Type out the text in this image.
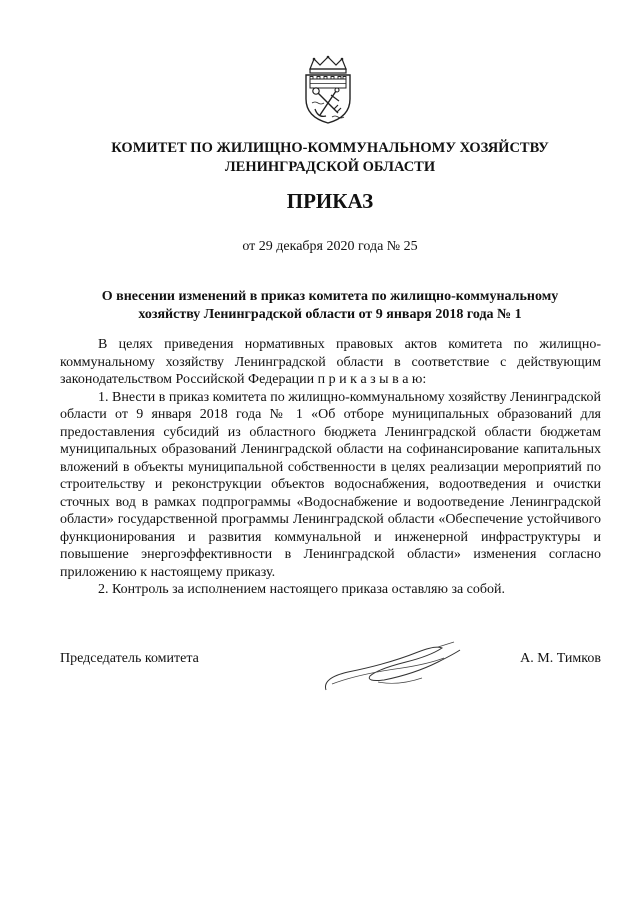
КОМИТЕТ ПО ЖИЛИЩНО-КОММУНАЛЬНОМУ ХОЗЯЙСТВУ
ЛЕНИНГРАДСКОЙ ОБЛАСТИ
ПРИКАЗ
от 29 декабря 2020 года № 25
О внесении изменений в приказ комитета по жилищно-коммунальному
хозяйству Ленинградской области от 9 января 2018 года № 1

В целях приведения нормативных правовых актов комитета по жилищно-коммунальному хозяйству Ленинградской области в соответствие с действующим законодательством Российской Федерации п р и к а з ы в а ю:

1. Внести в приказ комитета по жилищно-коммунальному хозяйству Ленинградской области от 9 января 2018 года № 1 «Об отборе муниципальных образований для предоставления субсидий из областного бюджета Ленинградской области бюджетам муниципальных образований Ленинградской области на софинансирование капитальных вложений в объекты муниципальной собственности в целях реализации мероприятий по строительству и реконструкции объектов водоснабжения, водоотведения и очистки сточных вод в рамках подпрограммы «Водоснабжение и водоотведение Ленинградской области» государственной программы Ленинградской области «Обеспечение устойчивого функционирования и развития коммунальной и инженерной инфраструктуры и повышение энергоэффективности в Ленинградской области» изменения согласно приложению к настоящему приказу.

2. Контроль за исполнением настоящего приказа оставляю за собой.

Председатель комитета	А. М. Тимков
